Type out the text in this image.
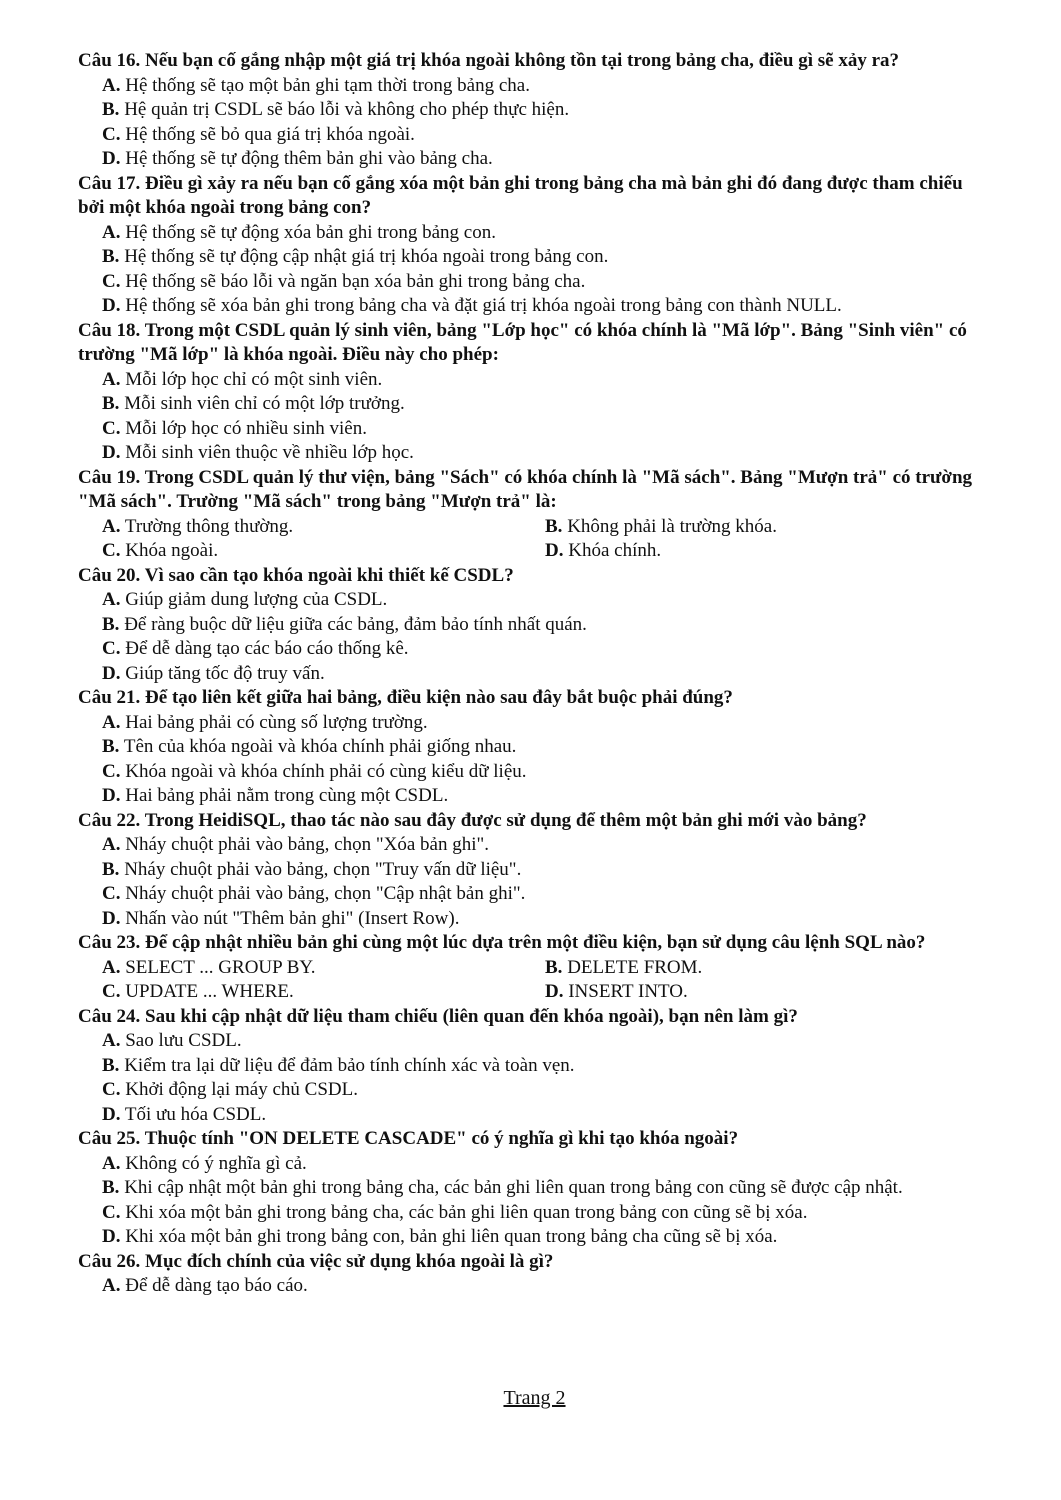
Câu 16. Nếu bạn cố gắng nhập một giá trị khóa ngoài không tồn tại trong bảng cha, điều gì sẽ xảy ra?
A. Hệ thống sẽ tạo một bản ghi tạm thời trong bảng cha.
B. Hệ quản trị CSDL sẽ báo lỗi và không cho phép thực hiện.
C. Hệ thống sẽ bỏ qua giá trị khóa ngoài.
D. Hệ thống sẽ tự động thêm bản ghi vào bảng cha.
Câu 17. Điều gì xảy ra nếu bạn cố gắng xóa một bản ghi trong bảng cha mà bản ghi đó đang được tham chiếu bởi một khóa ngoài trong bảng con?
A. Hệ thống sẽ tự động xóa bản ghi trong bảng con.
B. Hệ thống sẽ tự động cập nhật giá trị khóa ngoài trong bảng con.
C. Hệ thống sẽ báo lỗi và ngăn bạn xóa bản ghi trong bảng cha.
D. Hệ thống sẽ xóa bản ghi trong bảng cha và đặt giá trị khóa ngoài trong bảng con thành NULL.
Câu 18. Trong một CSDL quản lý sinh viên, bảng "Lớp học" có khóa chính là "Mã lớp". Bảng "Sinh viên" có trường "Mã lớp" là khóa ngoài. Điều này cho phép:
A. Mỗi lớp học chỉ có một sinh viên.
B. Mỗi sinh viên chỉ có một lớp trưởng.
C. Mỗi lớp học có nhiều sinh viên.
D. Mỗi sinh viên thuộc về nhiều lớp học.
Câu 19. Trong CSDL quản lý thư viện, bảng "Sách" có khóa chính là "Mã sách". Bảng "Mượn trả" có trường "Mã sách". Trường "Mã sách" trong bảng "Mượn trả" là:
A. Trường thông thường.	B. Không phải là trường khóa.
C. Khóa ngoài.	D. Khóa chính.
Câu 20. Vì sao cần tạo khóa ngoài khi thiết kế CSDL?
A. Giúp giảm dung lượng của CSDL.
B. Để ràng buộc dữ liệu giữa các bảng, đảm bảo tính nhất quán.
C. Để dễ dàng tạo các báo cáo thống kê.
D. Giúp tăng tốc độ truy vấn.
Câu 21. Để tạo liên kết giữa hai bảng, điều kiện nào sau đây bắt buộc phải đúng?
A. Hai bảng phải có cùng số lượng trường.
B. Tên của khóa ngoài và khóa chính phải giống nhau.
C. Khóa ngoài và khóa chính phải có cùng kiểu dữ liệu.
D. Hai bảng phải nằm trong cùng một CSDL.
Câu 22. Trong HeidiSQL, thao tác nào sau đây được sử dụng để thêm một bản ghi mới vào bảng?
A. Nháy chuột phải vào bảng, chọn "Xóa bản ghi".
B. Nháy chuột phải vào bảng, chọn "Truy vấn dữ liệu".
C. Nháy chuột phải vào bảng, chọn "Cập nhật bản ghi".
D. Nhấn vào nút "Thêm bản ghi" (Insert Row).
Câu 23. Để cập nhật nhiều bản ghi cùng một lúc dựa trên một điều kiện, bạn sử dụng câu lệnh SQL nào?
A. SELECT ... GROUP BY.	B. DELETE FROM.
C. UPDATE ... WHERE.	D. INSERT INTO.
Câu 24. Sau khi cập nhật dữ liệu tham chiếu (liên quan đến khóa ngoài), bạn nên làm gì?
A. Sao lưu CSDL.
B. Kiểm tra lại dữ liệu để đảm bảo tính chính xác và toàn vẹn.
C. Khởi động lại máy chủ CSDL.
D. Tối ưu hóa CSDL.
Câu 25. Thuộc tính "ON DELETE CASCADE" có ý nghĩa gì khi tạo khóa ngoài?
A. Không có ý nghĩa gì cả.
B. Khi cập nhật một bản ghi trong bảng cha, các bản ghi liên quan trong bảng con cũng sẽ được cập nhật.
C. Khi xóa một bản ghi trong bảng cha, các bản ghi liên quan trong bảng con cũng sẽ bị xóa.
D. Khi xóa một bản ghi trong bảng con, bản ghi liên quan trong bảng cha cũng sẽ bị xóa.
Câu 26. Mục đích chính của việc sử dụng khóa ngoài là gì?
A. Để dễ dàng tạo báo cáo.
Trang 2
